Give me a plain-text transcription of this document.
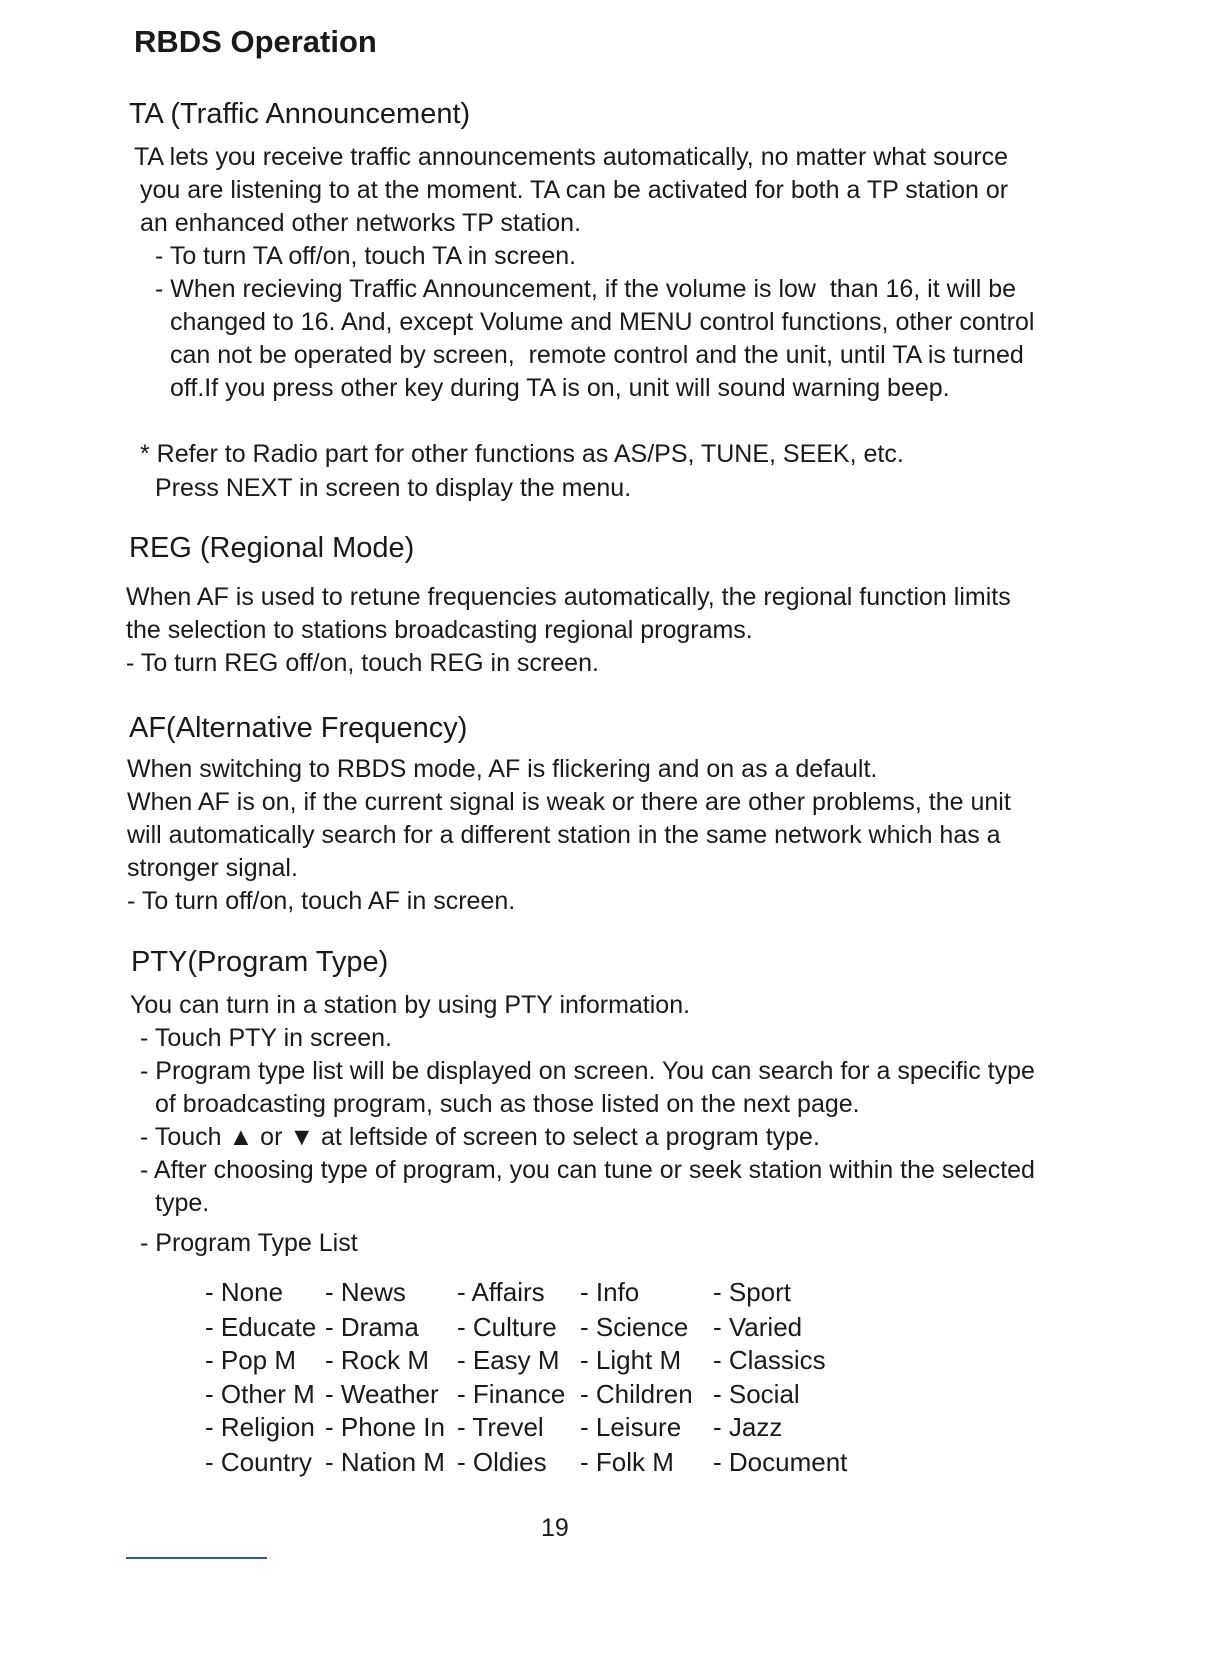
RBDS Operation
TA (Traffic Announcement)

TA lets you receive traffic announcements automatically, no matter what source

you are listening to at the moment. TA can be activated for both a TP station or

an enhanced other networks TP station.

- To turn TA off/on, touch TA in screen.

- When recieving Traffic Announcement, if the volume is low  than 16, it will be

changed to 16. And, except Volume and MENU control functions, other control

can not be operated by screen,  remote control and the unit, until TA is turned

off.If you press other key during TA is on, unit will sound warning beep.

* Refer to Radio part for other functions as AS/PS, TUNE, SEEK, etc.

Press NEXT in screen to display the menu.

REG (Regional Mode)

When AF is used to retune frequencies automatically, the regional function limits

the selection to stations broadcasting regional programs.

- To turn REG off/on, touch REG in screen.

AF(Alternative Frequency)

When switching to RBDS mode, AF is flickering and on as a default.

When AF is on, if the current signal is weak or there are other problems, the unit

will automatically search for a different station in the same network which has a

stronger signal.

- To turn off/on, touch AF in screen.

PTY(Program Type)

You can turn in a station by using PTY information.

- Touch PTY in screen.

- Program type list will be displayed on screen. You can search for a specific type

of broadcasting program, such as those listed on the next page.

- Touch ▲ or ▼ at leftside of screen to select a program type.

- After choosing type of program, you can tune or seek station within the selected

type.

- Program Type List

- None

- News

- Affairs

- Info

	- Sport

- Educate

- Drama

- Culture

- Science

- Varied

- Pop M

- Rock M

- Easy M

- Light M

- Classics

- Other M

- Weather

- Finance

- Children

- Social

- Religion

- Phone In

- Trevel

- Leisure

- Jazz

- Country

- Nation M

- Oldies

- Folk M

- Document

19
